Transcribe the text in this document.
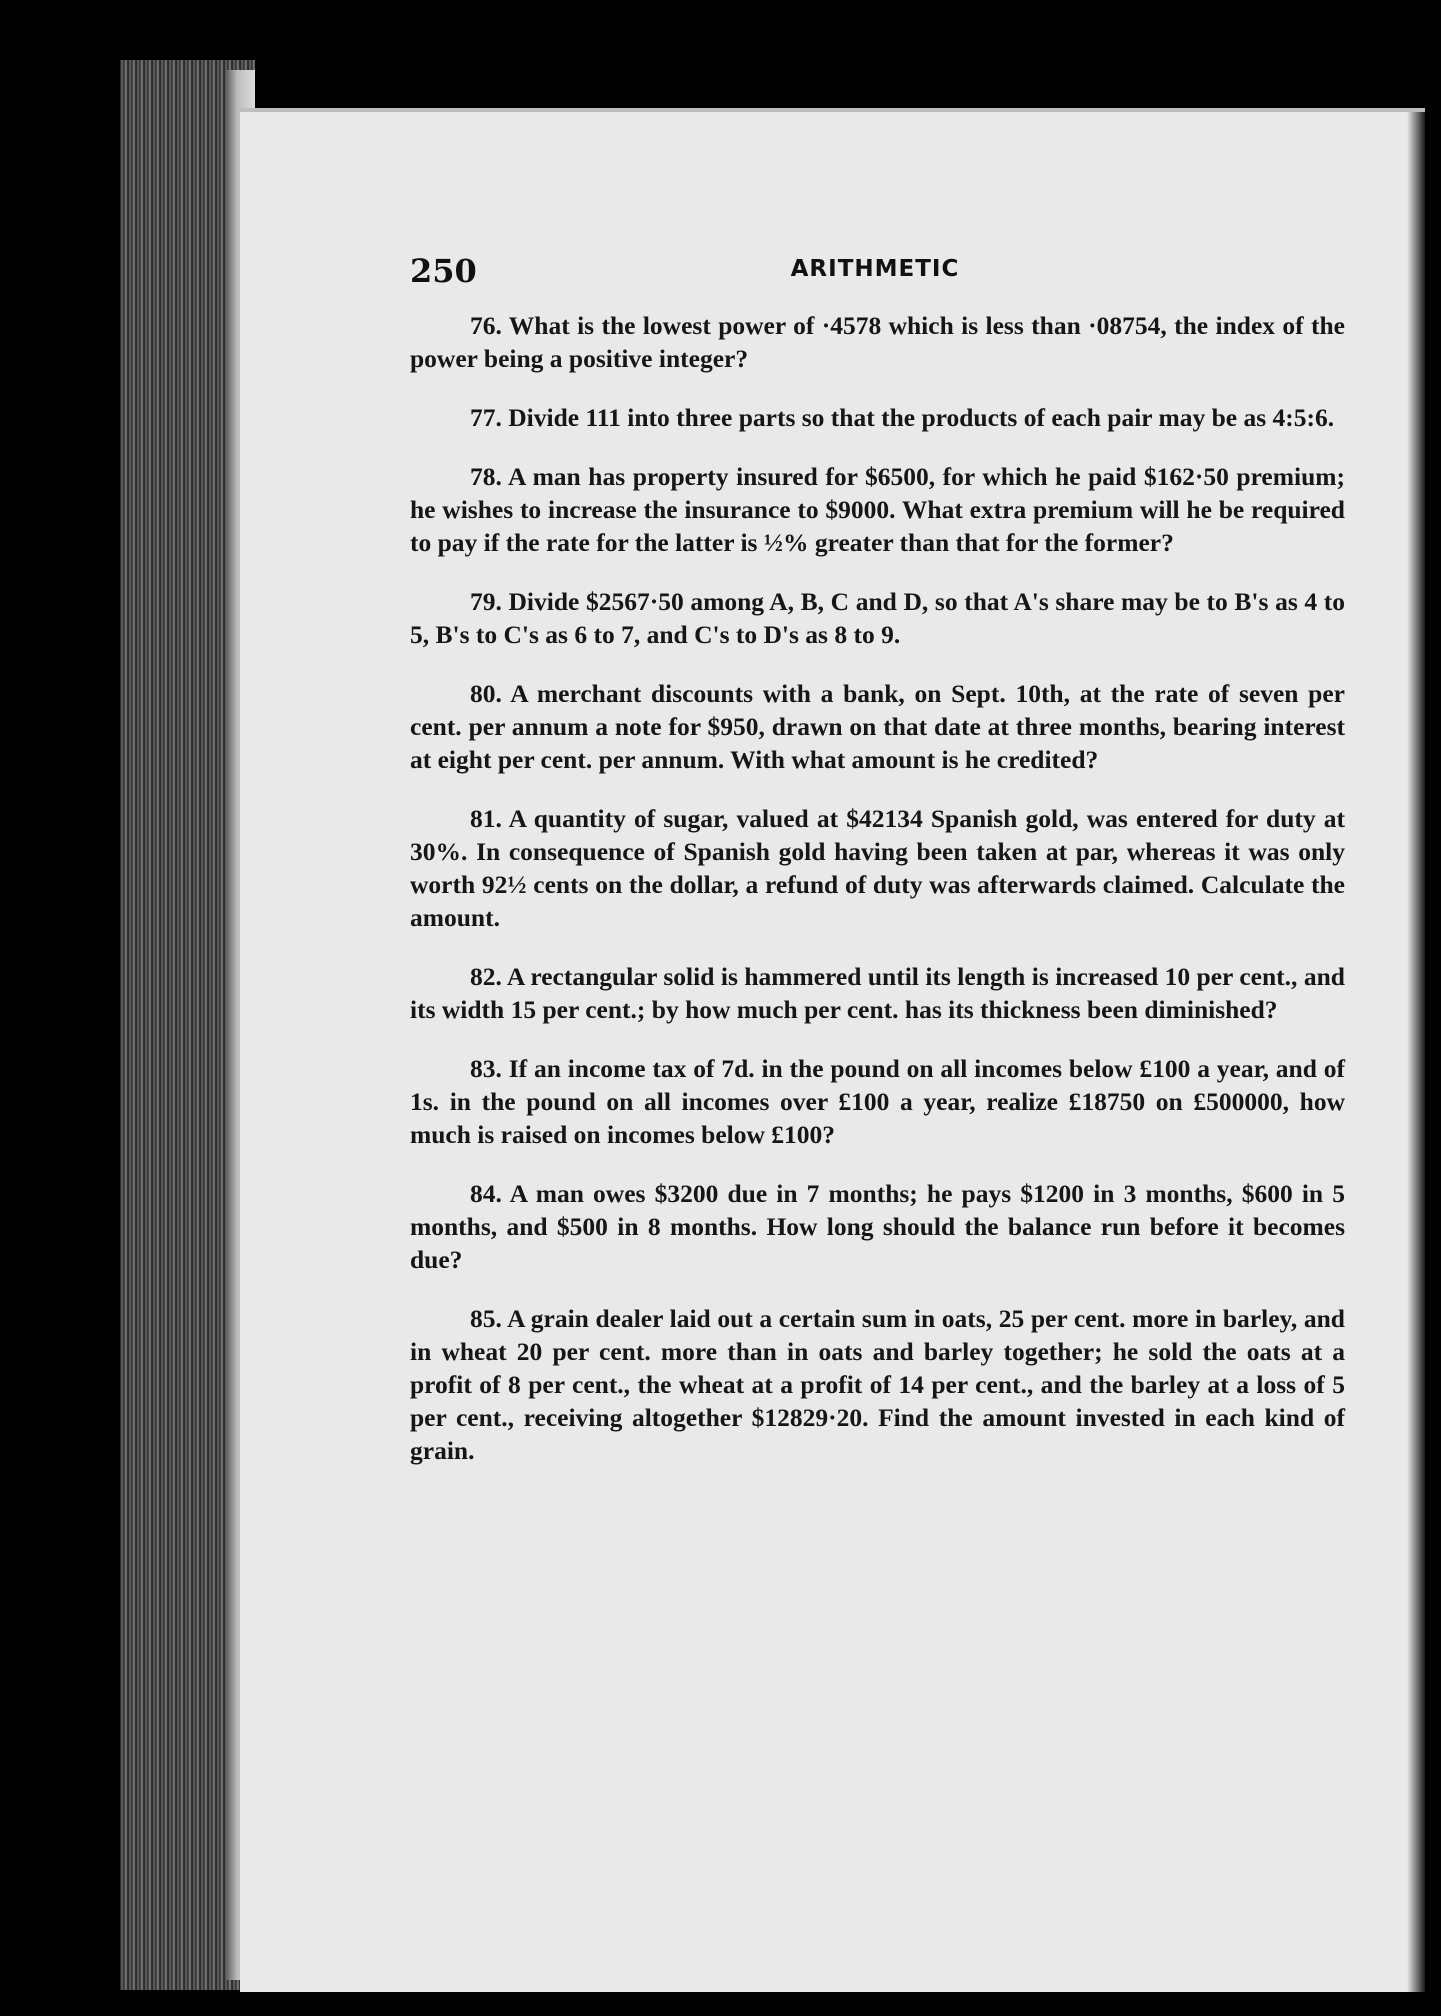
250	ARITHMETIC

76. What is the lowest power of ·4578 which is less than ·08754, the index of the power being a positive integer?

77. Divide 111 into three parts so that the products of each pair may be as 4:5:6.

78. A man has property insured for $6500, for which he paid $162·50 premium; he wishes to increase the insurance to $9000. What extra premium will he be required to pay if the rate for the latter is ½% greater than that for the former?

79. Divide $2567·50 among A, B, C and D, so that A's share may be to B's as 4 to 5, B's to C's as 6 to 7, and C's to D's as 8 to 9.

80. A merchant discounts with a bank, on Sept. 10th, at the rate of seven per cent. per annum a note for $950, drawn on that date at three months, bearing interest at eight per cent. per annum. With what amount is he credited?

81. A quantity of sugar, valued at $42134 Spanish gold, was entered for duty at 30%. In consequence of Spanish gold having been taken at par, whereas it was only worth 92½ cents on the dollar, a refund of duty was afterwards claimed. Calculate the amount.

82. A rectangular solid is hammered until its length is increased 10 per cent., and its width 15 per cent.; by how much per cent. has its thickness been diminished?

83. If an income tax of 7d. in the pound on all incomes below £100 a year, and of 1s. in the pound on all incomes over £100 a year, realize £18750 on £500000, how much is raised on incomes below £100?

84. A man owes $3200 due in 7 months; he pays $1200 in 3 months, $600 in 5 months, and $500 in 8 months. How long should the balance run before it becomes due?

85. A grain dealer laid out a certain sum in oats, 25 per cent. more in barley, and in wheat 20 per cent. more than in oats and barley together; he sold the oats at a profit of 8 per cent., the wheat at a profit of 14 per cent., and the barley at a loss of 5 per cent., receiving altogether $12829·20. Find the amount invested in each kind of grain.
